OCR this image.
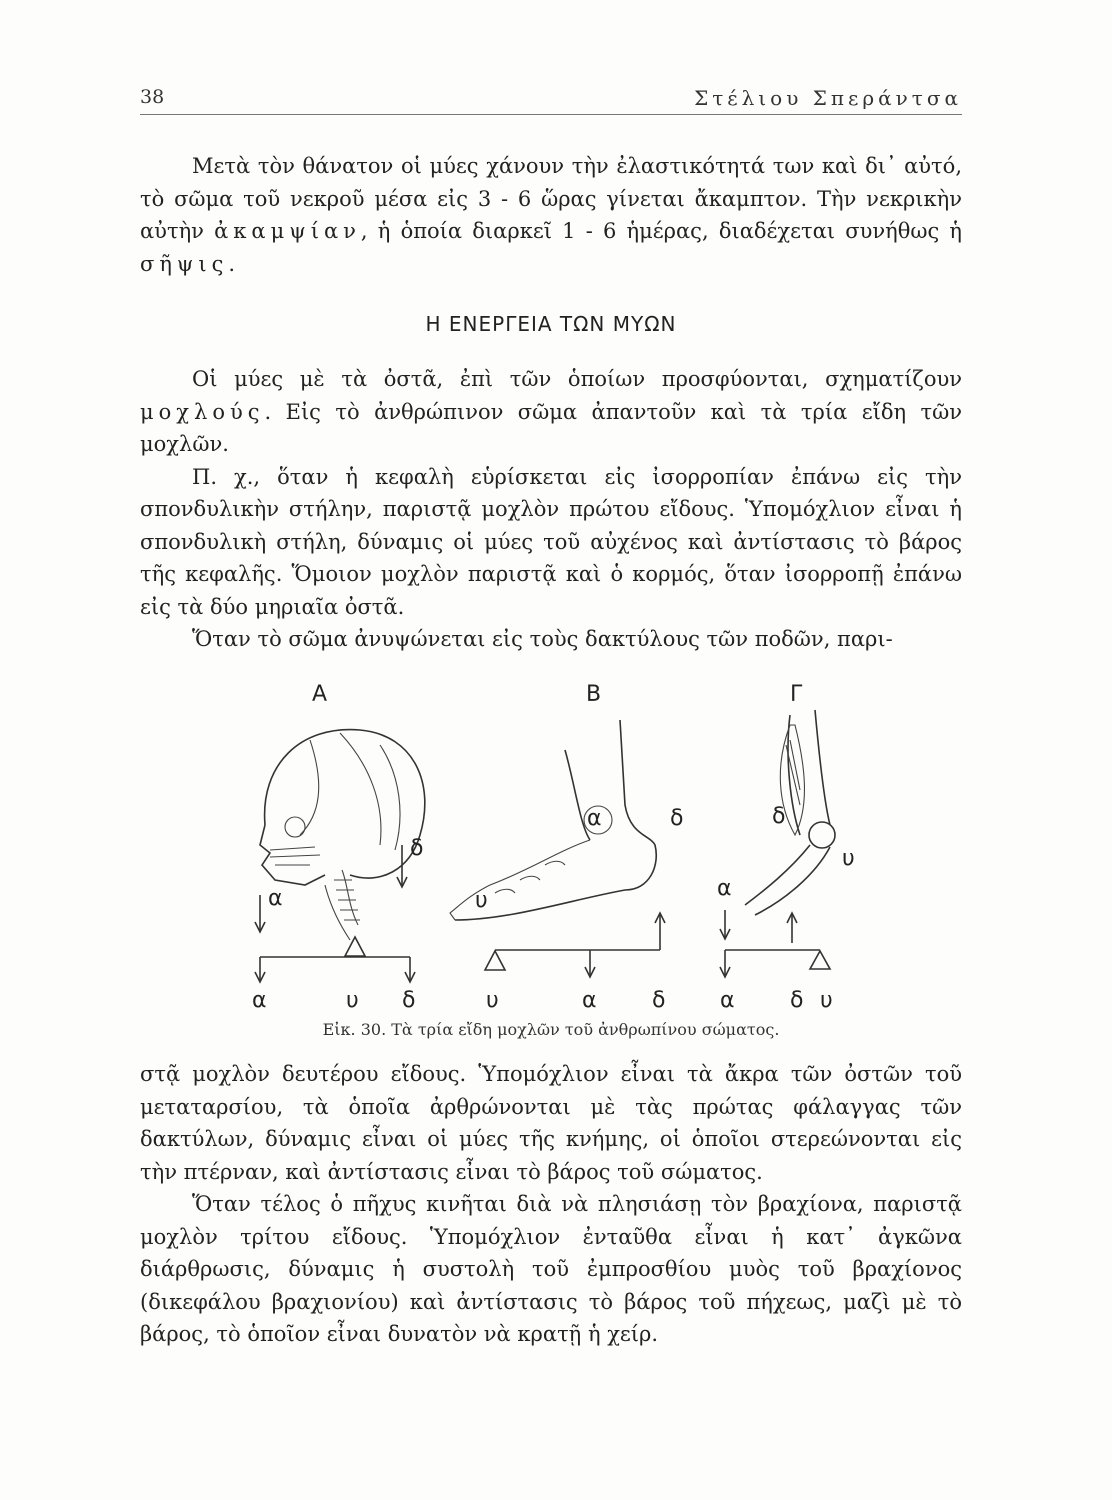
38	Στέλιου Σπεράντσα

Μετὰ τὸν θάνατον οἱ μύες χάνουν τὴν ἐλαστικότητά των καὶ δι᾽ αὐτό, τὸ σῶμα τοῦ νεκροῦ μέσα εἰς 3 - 6 ὥρας γίνεται ἄκαμπτον. Τὴν νεκρικὴν αὐτὴν ἀκαμψίαν, ἡ ὁποία διαρκεῖ 1 - 6 ἡμέρας, διαδέχεται συνήθως ἡ σῆψις.

Η ΕΝΕΡΓΕΙΑ ΤΩΝ ΜΥΩΝ

Οἱ μύες μὲ τὰ ὀστᾶ, ἐπὶ τῶν ὁποίων προσφύονται, σχηματίζουν μοχλούς. Εἰς τὸ ἀνθρώπινον σῶμα ἀπαντοῦν καὶ τὰ τρία εἴδη τῶν μοχλῶν.

Π. χ., ὅταν ἡ κεφαλὴ εὑρίσκεται εἰς ἰσορροπίαν ἐπάνω εἰς τὴν σπονδυλικὴν στήλην, παριστᾷ μοχλὸν πρώτου εἴδους. Ὑπομόχλιον εἶναι ἡ σπονδυλικὴ στήλη, δύναμις οἱ μύες τοῦ αὐχένος καὶ ἀντίστασις τὸ βάρος τῆς κεφαλῆς. Ὅμοιον μοχλὸν παριστᾷ καὶ ὁ κορμός, ὅταν ἰσορροπῇ ἐπάνω εἰς τὰ δύο μηριαῖα ὀστᾶ.

Ὅταν τὸ σῶμα ἀνυψώνεται εἰς τοὺς δακτύλους τῶν ποδῶν, παρι-

Α	Β	Γ
α
δ
α	υ δ
α	δ
υ
υ	α	δ
δ
υ
α
α	δ υ
Εἰκ. 30. Τὰ τρία εἴδη μοχλῶν τοῦ ἀνθρωπίνου σώματος.

στᾷ μοχλὸν δευτέρου εἴδους. Ὑπομόχλιον εἶναι τὰ ἄκρα τῶν ὀστῶν τοῦ μεταταρσίου, τὰ ὁποῖα ἀρθρώνονται μὲ τὰς πρώτας φάλαγγας τῶν δακτύλων, δύναμις εἶναι οἱ μύες τῆς κνήμης, οἱ ὁποῖοι στερεώνονται εἰς τὴν πτέρναν, καὶ ἀντίστασις εἶναι τὸ βάρος τοῦ σώματος.

Ὅταν τέλος ὁ πῆχυς κινῆται διὰ νὰ πλησιάσῃ τὸν βραχίονα, παριστᾷ μοχλὸν τρίτου εἴδους. Ὑπομόχλιον ἐνταῦθα εἶναι ἡ κατ᾽ ἀγκῶνα διάρθρωσις, δύναμις ἡ συστολὴ τοῦ ἐμπροσθίου μυὸς τοῦ βραχίονος (δικεφάλου βραχιονίου) καὶ ἀντίστασις τὸ βάρος τοῦ πήχεως, μαζὶ μὲ τὸ βάρος, τὸ ὁποῖον εἶναι δυνατὸν νὰ κρατῇ ἡ χείρ.
